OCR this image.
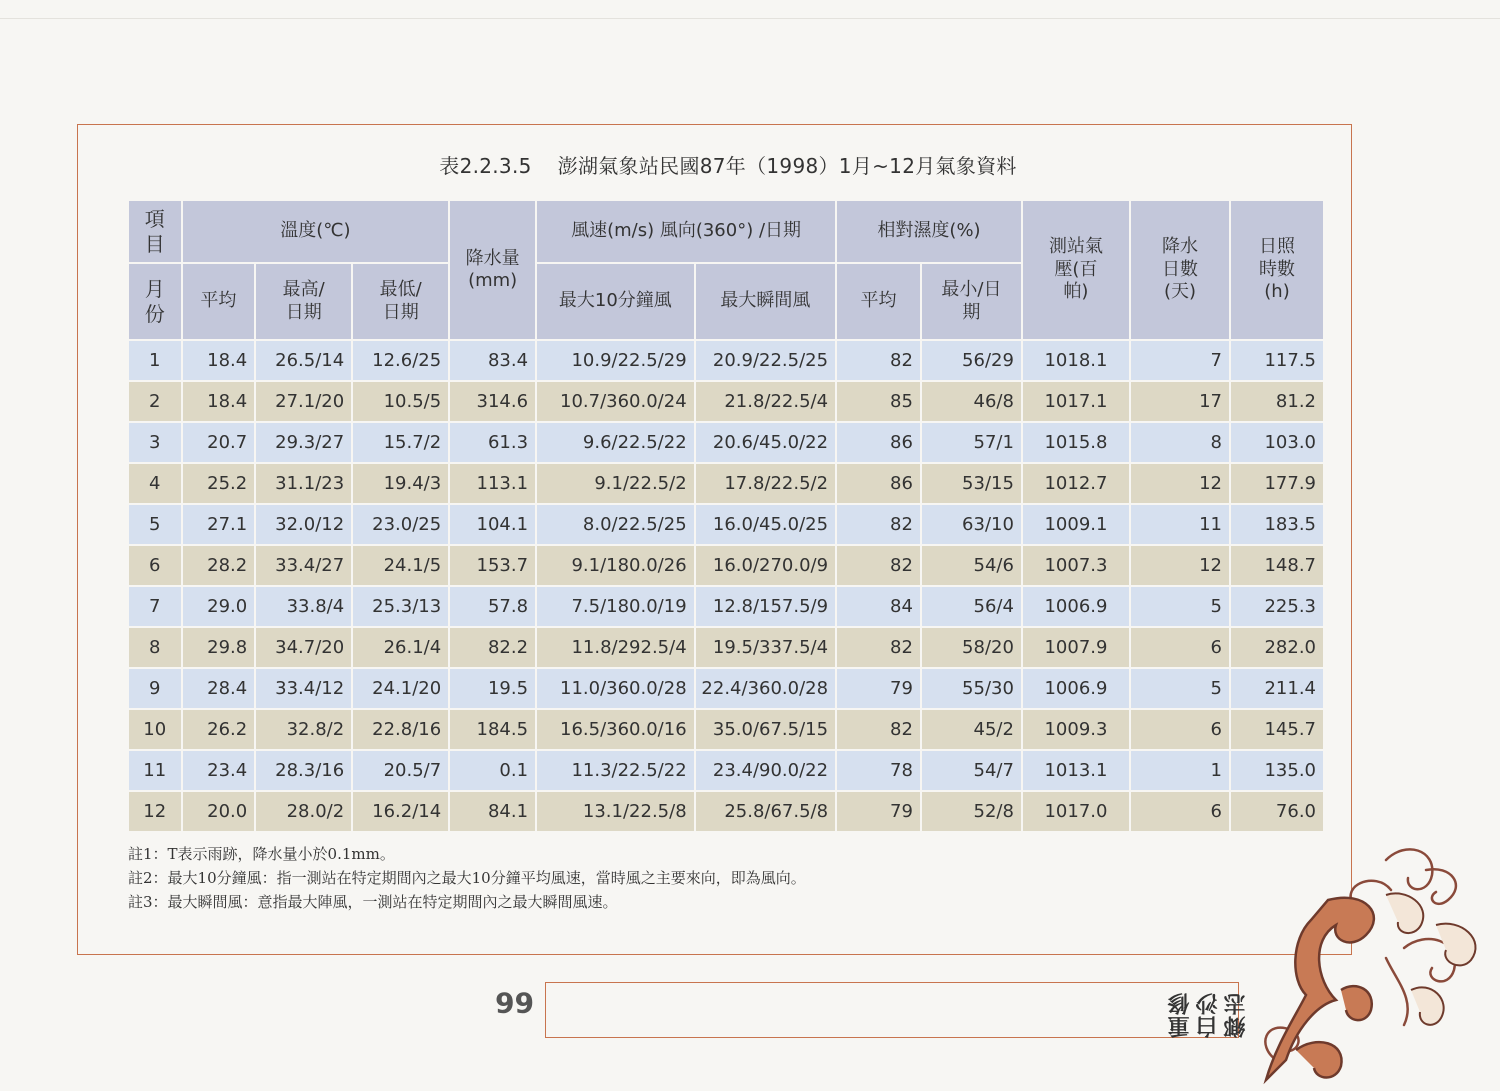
表2.2.3.5 澎湖氣象站民國87年（1998）1月~12月氣象資料
項目	溫度(℃)			降水量(mm)	風速(m/s) 風向(360°) /日期		相對濕度(%)		測站氣壓(百帕)	降水日數(天)	日照時數(h)
月份	平均	最高/日期	最低/日期		最大10分鐘風	最大瞬間風	平均	最小/日期			
1	18.4	26.5/14	12.6/25	83.4	10.9/22.5/29	20.9/22.5/25	82	56/29	1018.1	7	117.5
2	18.4	27.1/20	10.5/5	314.6	10.7/360.0/24	21.8/22.5/4	85	46/8	1017.1	17	81.2
3	20.7	29.3/27	15.7/2	61.3	9.6/22.5/22	20.6/45.0/22	86	57/1	1015.8	8	103.0
4	25.2	31.1/23	19.4/3	113.1	9.1/22.5/2	17.8/22.5/2	86	53/15	1012.7	12	177.9
5	27.1	32.0/12	23.0/25	104.1	8.0/22.5/25	16.0/45.0/25	82	63/10	1009.1	11	183.5
6	28.2	33.4/27	24.1/5	153.7	9.1/180.0/26	16.0/270.0/9	82	54/6	1007.3	12	148.7
7	29.0	33.8/4	25.3/13	57.8	7.5/180.0/19	12.8/157.5/9	84	56/4	1006.9	5	225.3
8	29.8	34.7/20	26.1/4	82.2	11.8/292.5/4	19.5/337.5/4	82	58/20	1007.9	6	282.0
9	28.4	33.4/12	24.1/20	19.5	11.0/360.0/28	22.4/360.0/28	79	55/30	1006.9	5	211.4
10	26.2	32.8/2	22.8/16	184.5	16.5/360.0/16	35.0/67.5/15	82	45/2	1009.3	6	145.7
11	23.4	28.3/16	20.5/7	0.1	11.3/22.5/22	23.4/90.0/22	78	54/7	1013.1	1	135.0
12	20.0	28.0/2	16.2/14	84.1	13.1/22.5/8	25.8/67.5/8	79	52/8	1017.0	6	76.0
註1：T表示雨跡，降水量小於0.1mm。
註2：最大10分鐘風：指一測站在特定期間內之最大10分鐘平均風速，當時風之主要來向，即為風向。
註3：最大瞬間風：意指最大陣風，一測站在特定期間內之最大瞬間風速。
66	重修白沙鄉志
